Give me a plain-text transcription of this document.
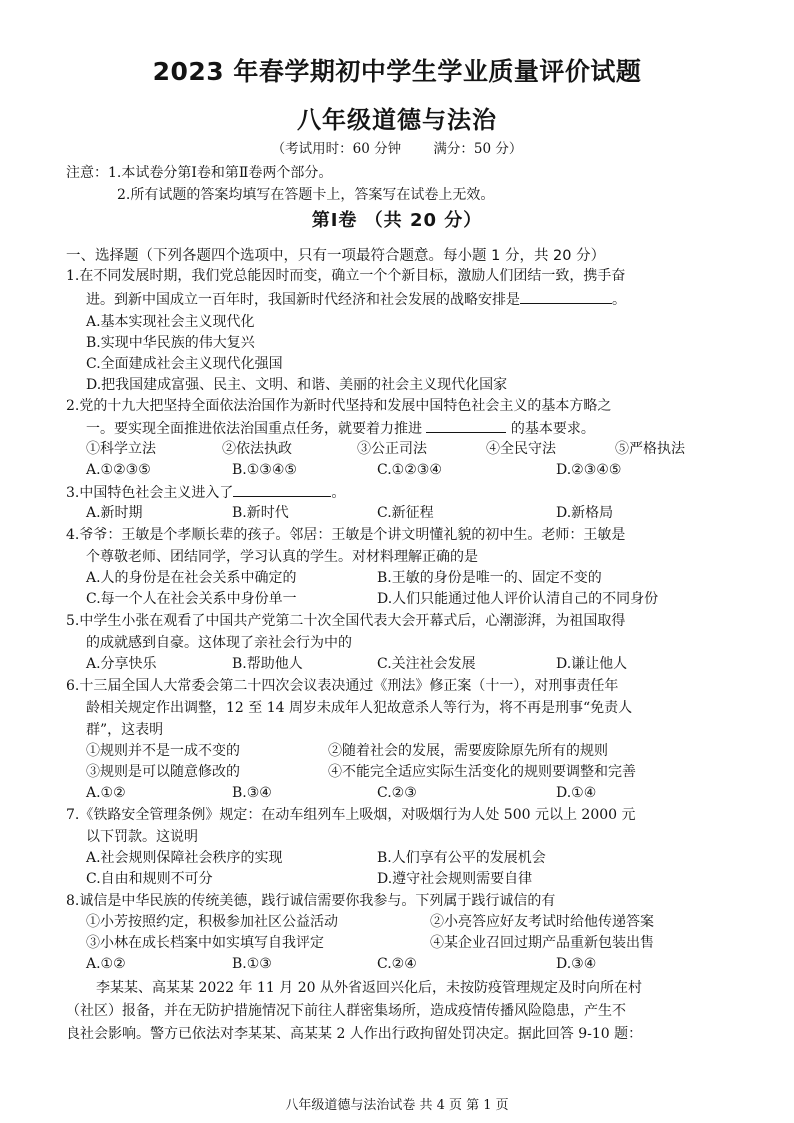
2023 年春学期初中学生学业质量评价试题
八年级道德与法治
（考试用时：60 分钟 满分：50 分）
注意：1.本试卷分第Ⅰ卷和第Ⅱ卷两个部分。
2.所有试题的答案均填写在答题卡上，答案写在试卷上无效。
第Ⅰ卷 （共 20 分）
一、选择题（下列各题四个选项中，只有一项最符合题意。每小题 1 分，共 20 分）
1.在不同发展时期，我们党总能因时而变，确立一个个新目标，激励人们团结一致，携手奋
进。到新中国成立一百年时，我国新时代经济和社会发展的战略安排是	。
A.基本实现社会主义现代化
B.实现中华民族的伟大复兴
C.全面建成社会主义现代化强国
D.把我国建成富强、民主、文明、和谐、美丽的社会主义现代化国家
2.党的十九大把坚持全面依法治国作为新时代坚持和发展中国特色社会主义的基本方略之
一。要实现全面推进依法治国重点任务，就要着力推进	的基本要求。
①科学立法	②依法执政	③公正司法	④全民守法	⑤严格执法
A.①②③⑤	B.①③④⑤	C.①②③④	D.②③④⑤
3.中国特色社会主义进入了	。
A.新时期	B.新时代	C.新征程	D.新格局
4.爷爷：王敏是个孝顺长辈的孩子。邻居：王敏是个讲文明懂礼貌的初中生。老师：王敏是
个尊敬老师、团结同学，学习认真的学生。对材料理解正确的是
A.人的身份是在社会关系中确定的	B.王敏的身份是唯一的、固定不变的
C.每一个人在社会关系中身份单一	D.人们只能通过他人评价认清自己的不同身份
5.中学生小张在观看了中国共产党第二十次全国代表大会开幕式后，心潮澎湃，为祖国取得
的成就感到自豪。这体现了亲社会行为中的
A.分享快乐	B.帮助他人	C.关注社会发展	D.谦让他人
6.十三届全国人大常委会第二十四次会议表决通过《刑法》修正案（十一），对刑事责任年
龄相关规定作出调整，12 至 14 周岁未成年人犯故意杀人等行为，将不再是刑事“免责人
群”，这表明
①规则并不是一成不变的	②随着社会的发展，需要废除原先所有的规则
③规则是可以随意修改的	④不能完全适应实际生活变化的规则要调整和完善
A.①②	B.③④	C.②③	D.①④
7.《铁路安全管理条例》规定：在动车组列车上吸烟，对吸烟行为人处 500 元以上 2000 元
以下罚款。这说明
A.社会规则保障社会秩序的实现	B.人们享有公平的发展机会
C.自由和规则不可分	D.遵守社会规则需要自律
8.诚信是中华民族的传统美德，践行诚信需要你我参与。下列属于践行诚信的有
①小芳按照约定，积极参加社区公益活动	②小亮答应好友考试时给他传递答案
③小林在成长档案中如实填写自我评定	④某企业召回过期产品重新包装出售
A.①②	B.①③	C.②④	D.③④
李某某、高某某 2022 年 11 月 20 从外省返回兴化后，未按防疫管理规定及时向所在村
（社区）报备，并在无防护措施情况下前往人群密集场所，造成疫情传播风险隐患，产生不
良社会影响。警方已依法对李某某、高某某 2 人作出行政拘留处罚决定。据此回答 9-10 题：
八年级道德与法治试卷 共 4 页 第 1 页
